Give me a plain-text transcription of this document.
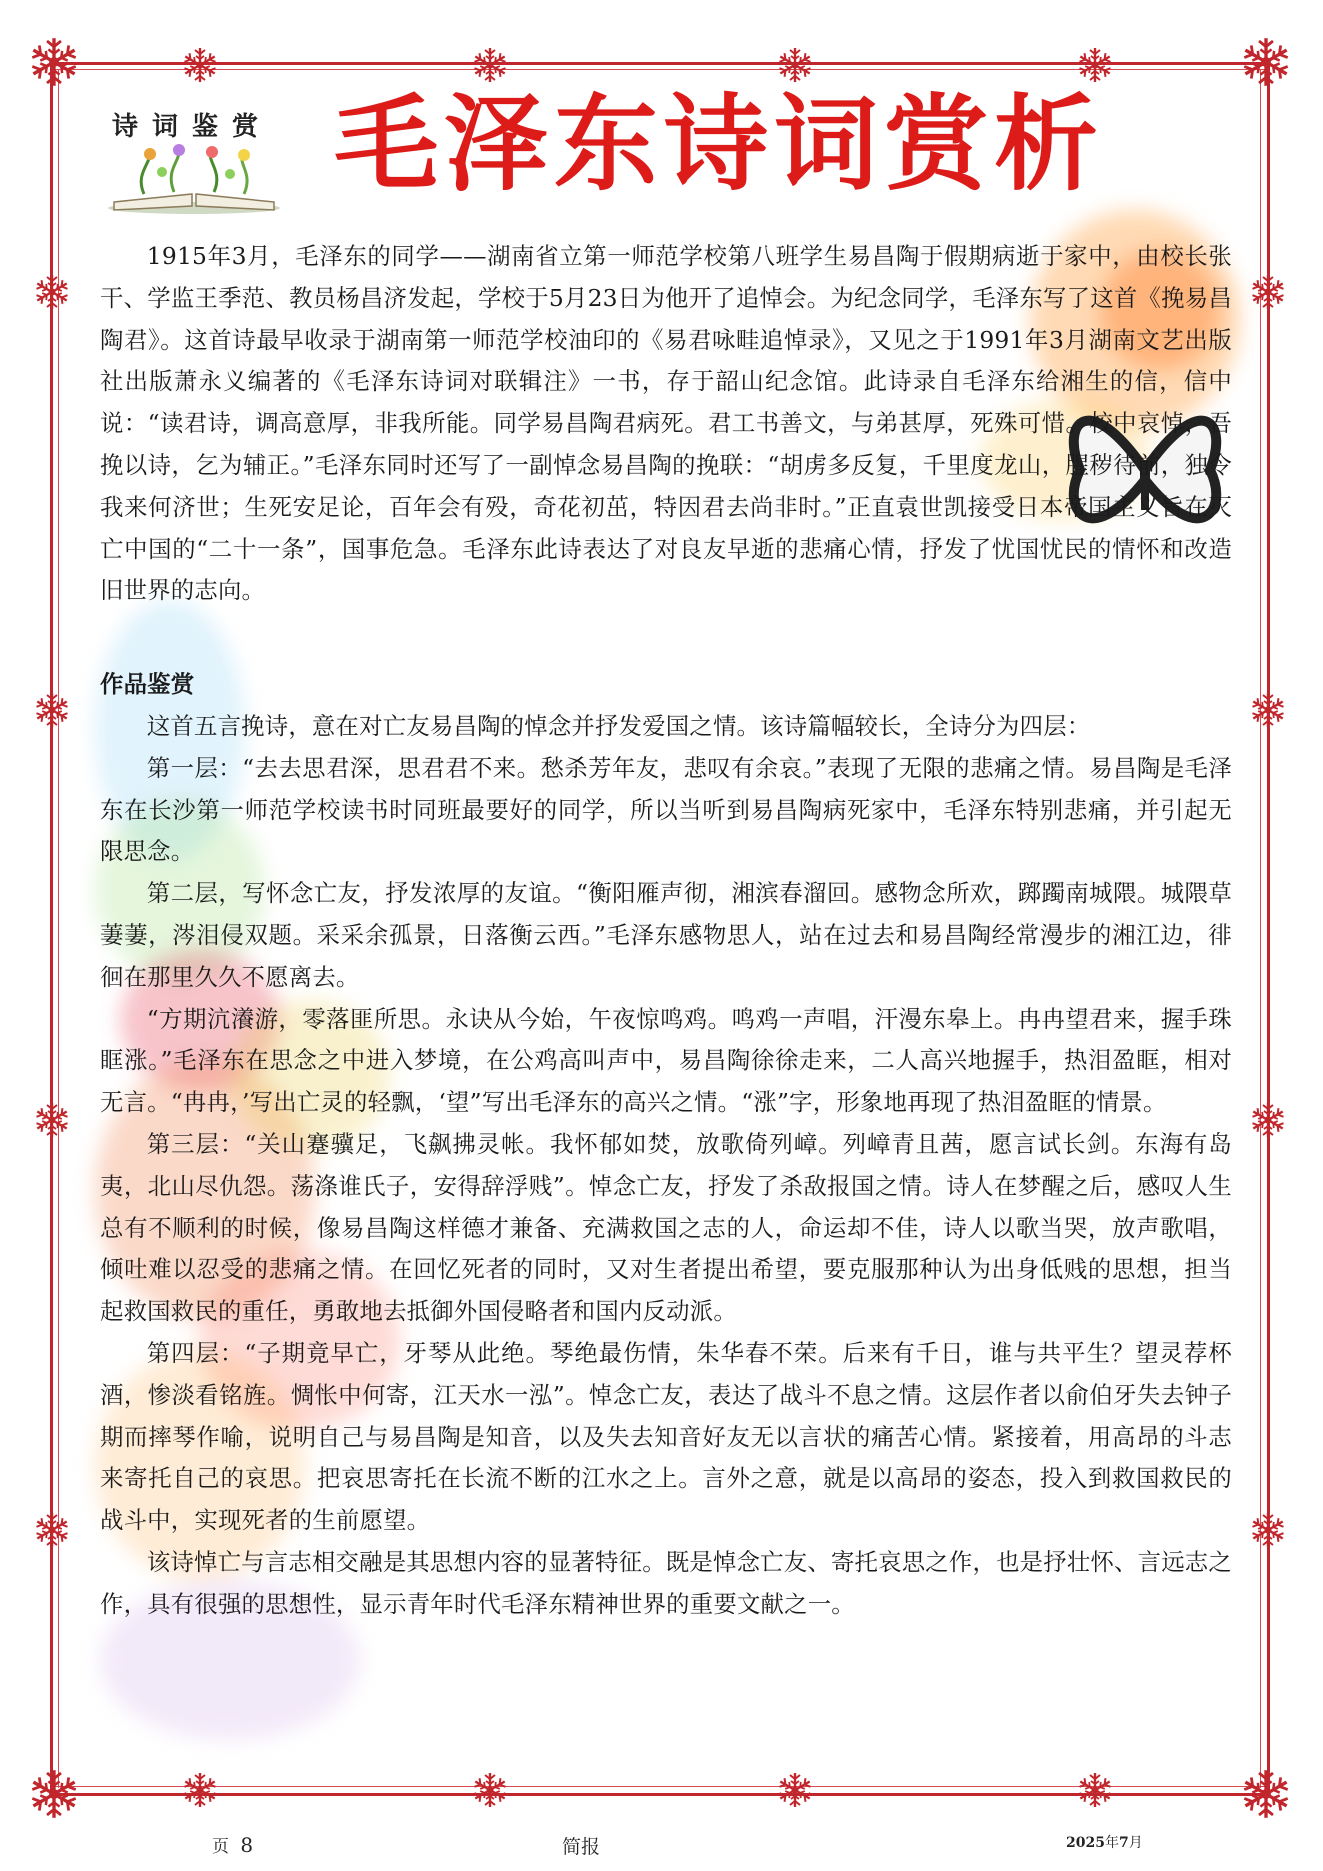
诗词鉴赏 毛泽东诗词赏析

1915年3月，毛泽东的同学——湖南省立第一师范学校第八班学生易昌陶于假期病逝于家中，由校长张干、学监王季范、教员杨昌济发起，学校于5月23日为他开了追悼会。为纪念同学，毛泽东写了这首《挽易昌陶君》。这首诗最早收录于湖南第一师范学校油印的《易君咏畦追悼录》，又见之于1991年3月湖南文艺出版社出版萧永义编著的《毛泽东诗词对联辑注》一书，存于韶山纪念馆。此诗录自毛泽东给湘生的信，信中说：“读君诗，调高意厚，非我所能。同学易昌陶君病死。君工书善文，与弟甚厚，死殊可惜。校中哀悼，吾挽以诗，乞为辅正。”毛泽东同时还写了一副悼念易昌陶的挽联：“胡虏多反复，千里度龙山，腥秽待前，独令我来何济世；生死安足论，百年会有殁，奇花初茁，特因君去尚非时。”正直袁世凯接受日本帝国主义旨在灭亡中国的“二十一条”，国事危急。毛泽东此诗表达了对良友早逝的悲痛心情，抒发了忧国忧民的情怀和改造旧世界的志向。

作品鉴赏

这首五言挽诗，意在对亡友易昌陶的悼念并抒发爱国之情。该诗篇幅较长，全诗分为四层：

第一层：“去去思君深，思君君不来。愁杀芳年友，悲叹有余哀。”表现了无限的悲痛之情。易昌陶是毛泽东在长沙第一师范学校读书时同班最要好的同学，所以当听到易昌陶病死家中，毛泽东特别悲痛，并引起无限思念。

第二层，写怀念亡友，抒发浓厚的友谊。“衡阳雁声彻，湘滨春溜回。感物念所欢，踯躅南城隈。城隈草萋萋，涔泪侵双题。采采余孤景，日落衡云西。”毛泽东感物思人，站在过去和易昌陶经常漫步的湘江边，徘徊在那里久久不愿离去。

“方期沆瀁游，零落匪所思。永诀从今始，午夜惊鸣鸡。鸣鸡一声唱，汗漫东皋上。冉冉望君来，握手珠眶涨。”毛泽东在思念之中进入梦境，在公鸡高叫声中，易昌陶徐徐走来，二人高兴地握手，热泪盈眶，相对无言。“冉冉，’写出亡灵的轻飘，‘望”写出毛泽东的高兴之情。“涨”字，形象地再现了热泪盈眶的情景。

第三层：“关山蹇骥足，飞飙拂灵帐。我怀郁如焚，放歌倚列嶂。列嶂青且茜，愿言试长剑。东海有岛夷，北山尽仇怨。荡涤谁氏子，安得辞浮贱”。悼念亡友，抒发了杀敌报国之情。诗人在梦醒之后，感叹人生总有不顺利的时候，像易昌陶这样德才兼备、充满救国之志的人，命运却不佳，诗人以歌当哭，放声歌唱，倾吐难以忍受的悲痛之情。在回忆死者的同时，又对生者提出希望，要克服那种认为出身低贱的思想，担当起救国救民的重任，勇敢地去抵御外国侵略者和国内反动派。

第四层：“子期竟早亡，牙琴从此绝。琴绝最伤情，朱华春不荣。后来有千日，谁与共平生？望灵荐杯酒，惨淡看铭旌。惆怅中何寄，江天水一泓”。悼念亡友，表达了战斗不息之情。这层作者以俞伯牙失去钟子期而摔琴作喻，说明自己与易昌陶是知音，以及失去知音好友无以言状的痛苦心情。紧接着，用高昂的斗志来寄托自己的哀思。把哀思寄托在长流不断的江水之上。言外之意，就是以高昂的姿态，投入到救国救民的战斗中，实现死者的生前愿望。

该诗悼亡与言志相交融是其思想内容的显著特征。既是悼念亡友、寄托哀思之作，也是抒壮怀、言远志之作，具有很强的思想性，显示青年时代毛泽东精神世界的重要文献之一。

页 8	简报	2025年7月
